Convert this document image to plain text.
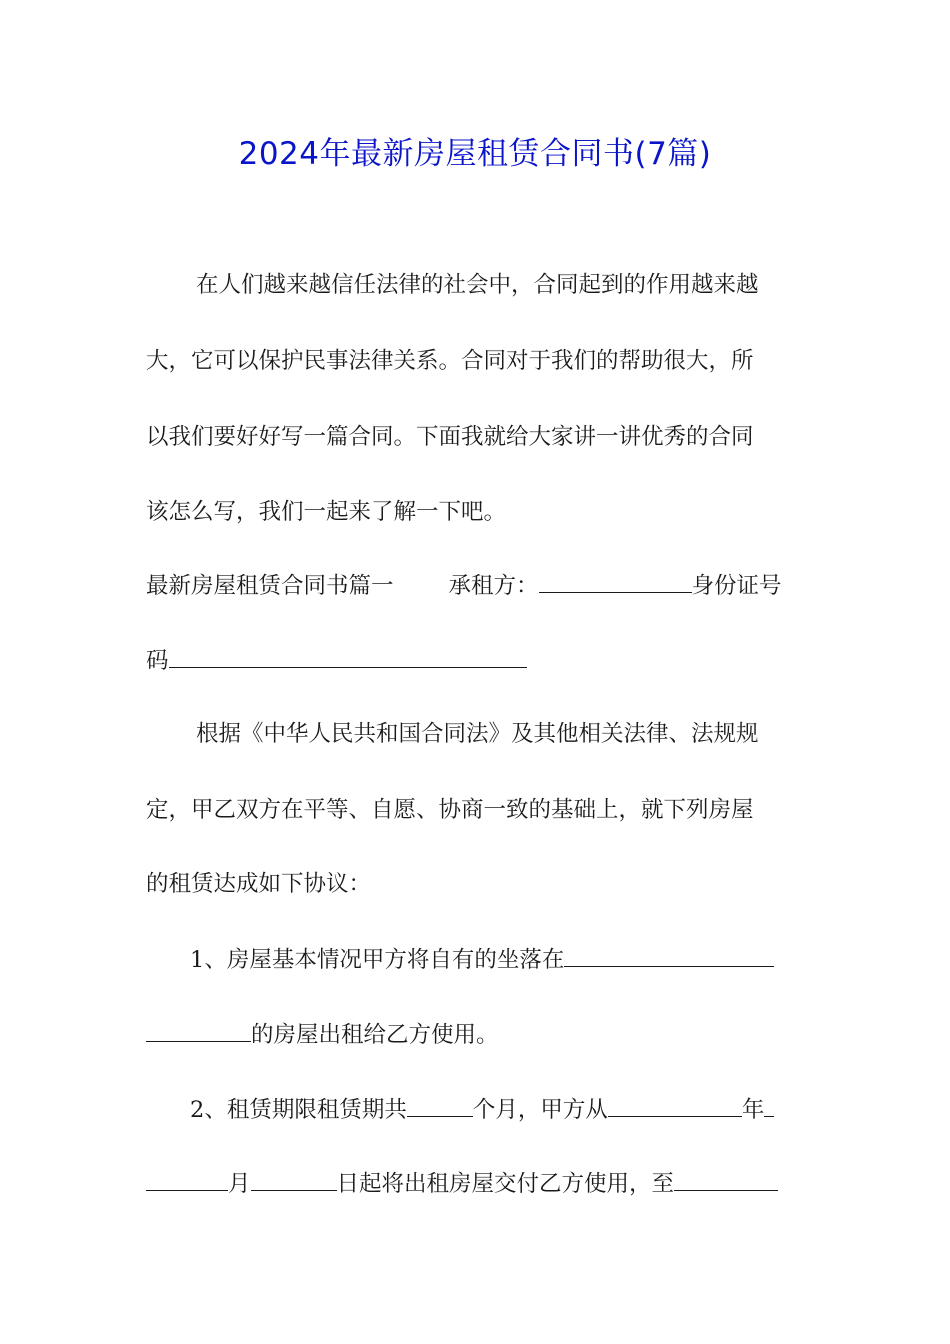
2024年最新房屋租赁合同书(7篇)
在人们越来越信任法律的社会中，合同起到的作用越来越
大，它可以保护民事法律关系。合同对于我们的帮助很大，所
以我们要好好写一篇合同。下面我就给大家讲一讲优秀的合同
该怎么写，我们一起来了解一下吧。
最新房屋租赁合同书篇一 承租方：	身份证号
码
根据《中华人民共和国合同法》及其他相关法律、法规规
定，甲乙双方在平等、自愿、协商一致的基础上，就下列房屋
的租赁达成如下协议：
1、房屋基本情况甲方将自有的坐落在
的房屋出租给乙方使用。
2、租赁期限租赁期共	个月，甲方从	年
月	日起将出租房屋交付乙方使用，至
